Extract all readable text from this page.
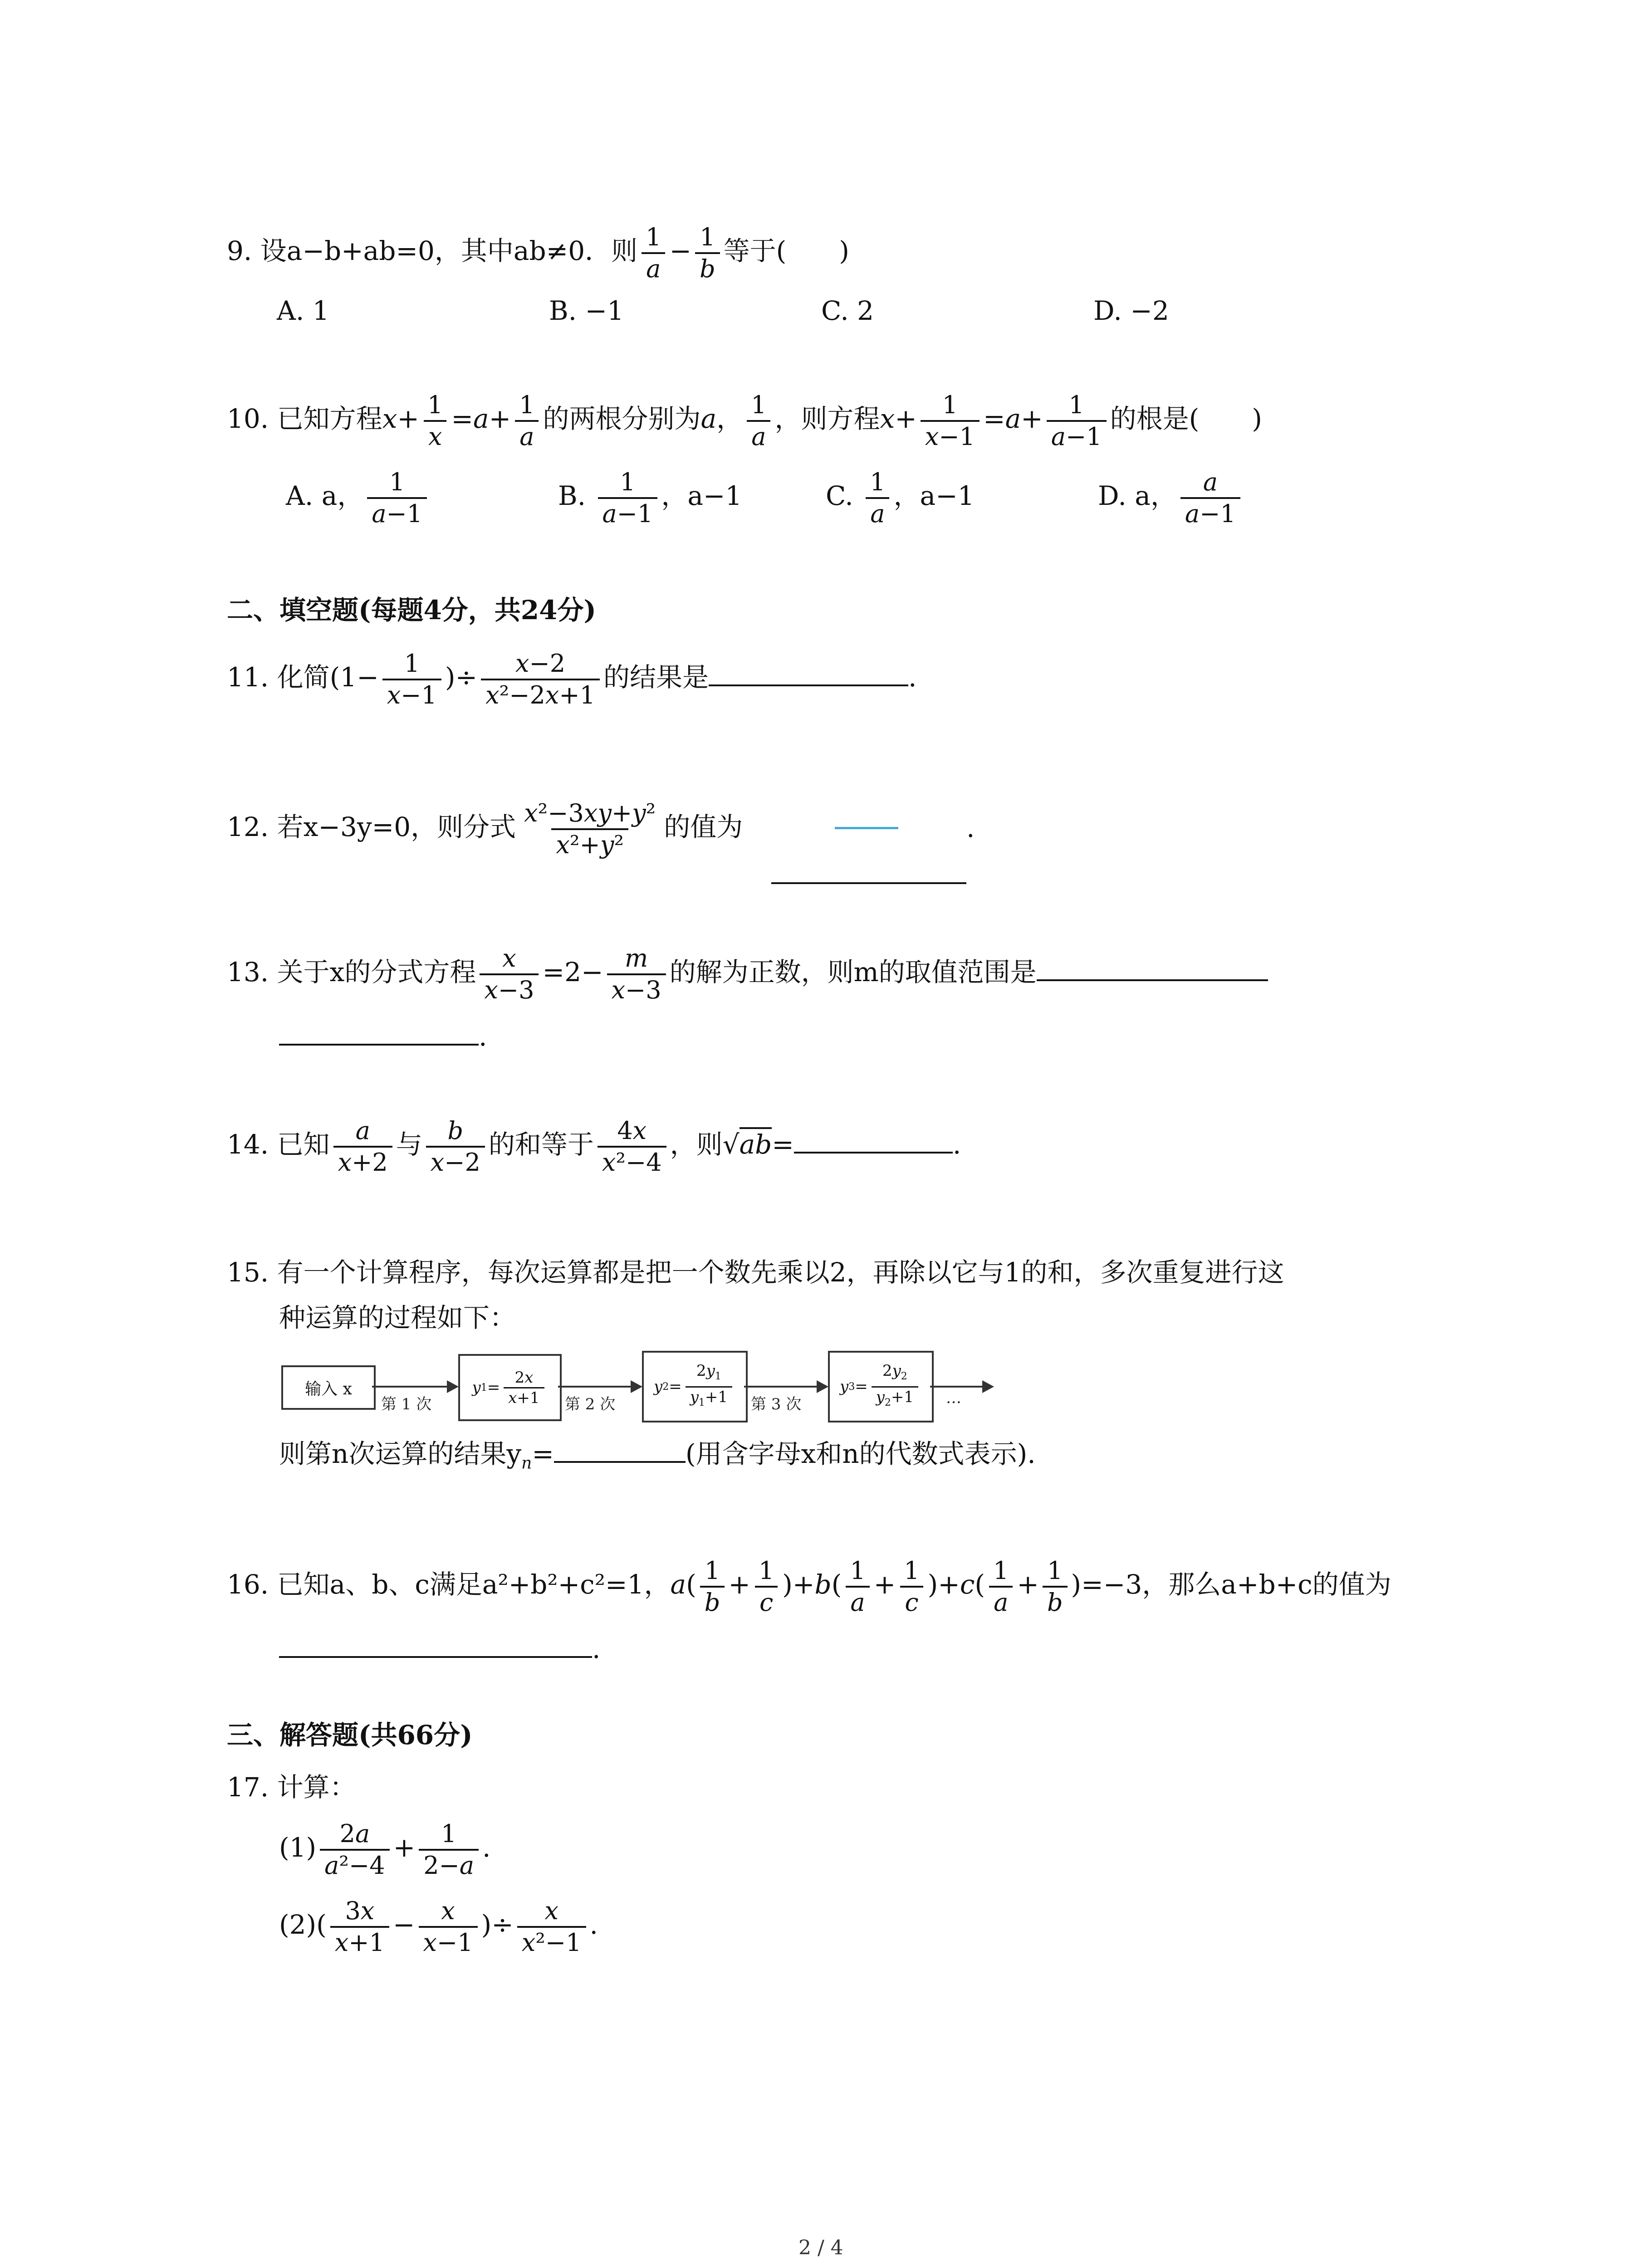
9. 设a−b+ab=0，其中ab≠0．则 $\frac{1}{a} - \frac{1}{b}$ 等于(　　)
A. 1	B. −1	C. 2	D. −2
10. 已知方程$x+ \frac{1}{x} =a+ \frac{1}{a}$ 的两根分别为a， $\frac{1}{a}$ ，则方程$x+ \frac{1}{x-1} =a+ \frac{1}{a-1}$ 的根是(　　)
A. a， $\frac{1}{a-1}$	B. $\frac{1}{a-1}$ ，a−1	C. $\frac{1}{a}$ ，a−1	D. a， $\frac{a}{a-1}$
二、填空题(每题4分，共24分)
11. 化简($1- \frac{1}{x-1}$ )÷ $\frac{x-2}{\text{x²−2x+1}}$ 的结果是	.
12. 若x−3y=0，则分式 $\frac{\text{x²−3xy+y²}}{\text{x²+y²}}$ 的值为	.
13. 关于x的分式方程 $\frac{x}{x-3} =2- \frac{m}{x-3}$ 的解为正数，则m的取值范围是
.
14. 已知 $\frac{a}{x+2}$ 与 $\frac{b}{x-2}$ 的和等于 $\frac{4x}{\text{x²−4}}$ ，则√ab=	.
15. 有一个计算程序，每次运算都是把一个数先乘以2，再除以它与1的和，多次重复进行这
种运算的过程如下：
输入 x
第 1 次
y $1 = \frac{2x}{x+1}$ 第 2 次
y $2 = \frac{2y_1}{y_1+1}$ 第 3 次
y $3 = \frac{2y_2}{y_2+1}$ …
则第n次运算的结果$y_n=$	(用含字母x和n的代数式表示).
16. 已知a、b、c满足a²+b²+c²=1，$a( \frac{1}{b} + \frac{1}{c} )+b( \frac{1}{a} + \frac{1}{c} )+c( \frac{1}{a} + \frac{1}{b} )=-3$，那么a+b+c的值为
.
三、解答题(共66分)
17. 计算：
$(1) \frac{2a}{\text{a²−4}} + \frac{1}{2-a}$ .
$(2)( \frac{3x}{x+1} - \frac{x}{x-1}$ )÷ $\frac{x}{\text{x²−1}}$ .
2 / 4
